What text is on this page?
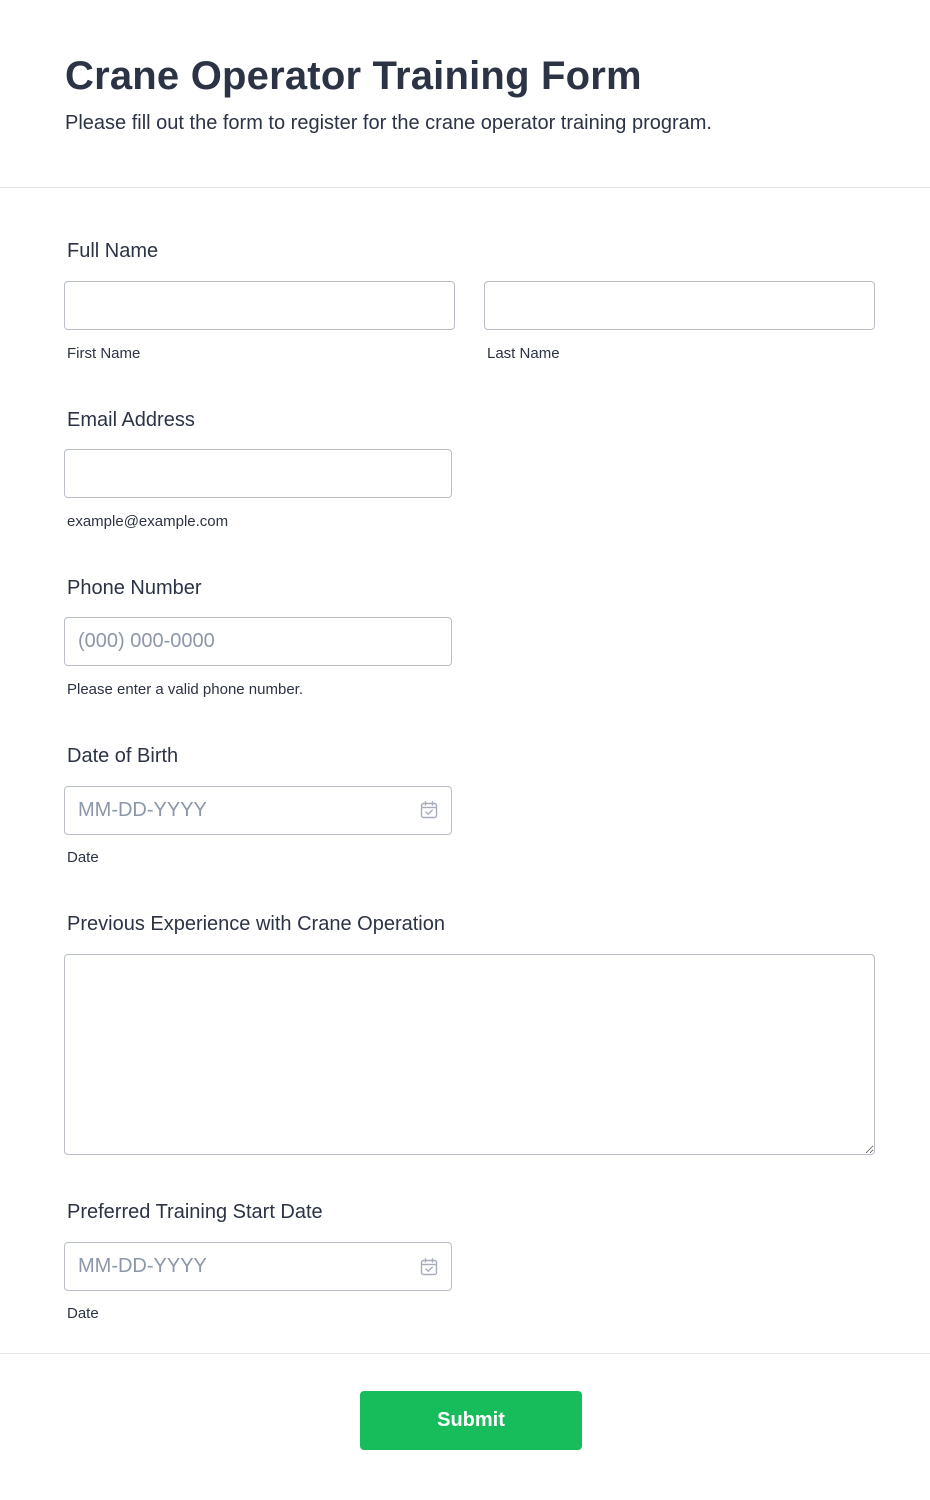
Crane Operator Training Form

Please fill out the form to register for the crane operator training program.

Full Name
First Name	Last Name
Email Address
example@example.com
Phone Number
(000) 000-0000
Please enter a valid phone number.
Date of Birth
MM-DD-YYYY
Date
Previous Experience with Crane Operation
Preferred Training Start Date
MM-DD-YYYY
Date
Submit
